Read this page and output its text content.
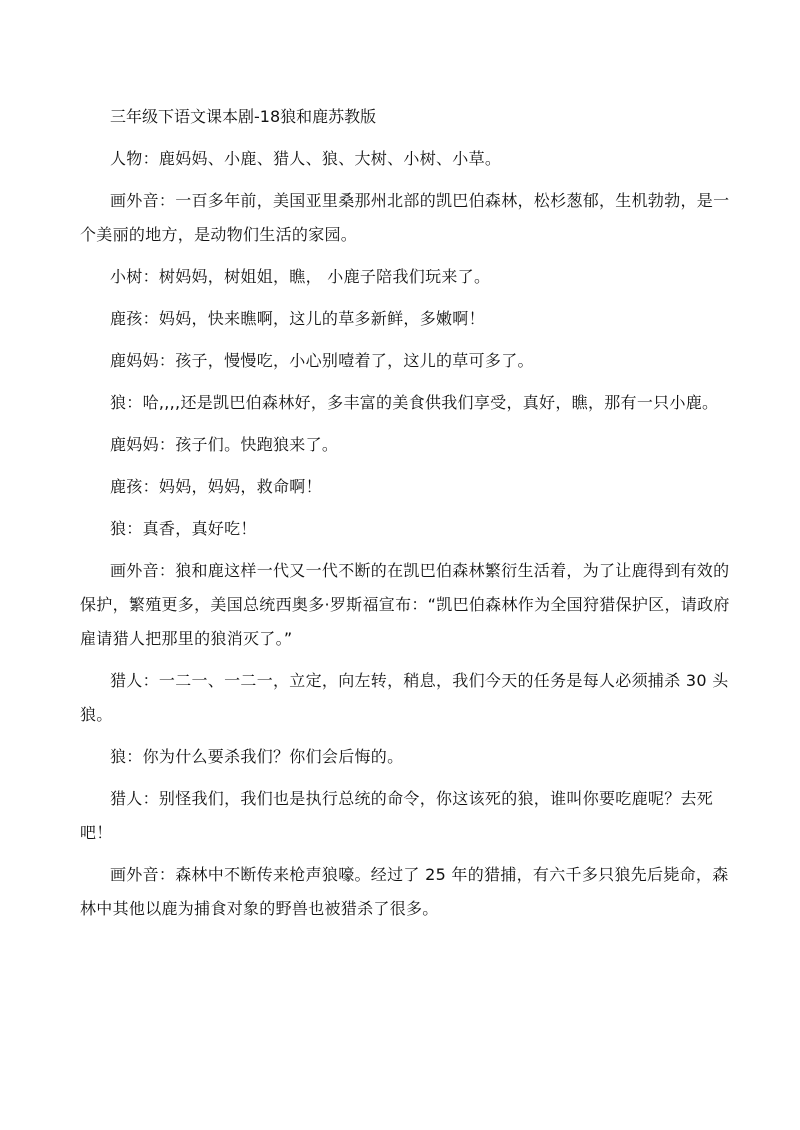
三年级下语文课本剧-18狼和鹿苏教版

人物：鹿妈妈、小鹿、猎人、狼、大树、小树、小草。

画外音：一百多年前，美国亚里桑那州北部的凯巴伯森林，松杉葱郁，生机勃勃，是一个美丽的地方，是动物们生活的家园。

小树：树妈妈，树姐姐，瞧， 小鹿子陪我们玩来了。

鹿孩：妈妈，快来瞧啊，这儿的草多新鲜，多嫩啊！

鹿妈妈：孩子，慢慢吃，小心别噎着了，这儿的草可多了。

狼：哈,,,,还是凯巴伯森林好，多丰富的美食供我们享受，真好，瞧，那有一只小鹿。

鹿妈妈：孩子们。快跑狼来了。

鹿孩：妈妈，妈妈，救命啊！

狼：真香，真好吃！

画外音：狼和鹿这样一代又一代不断的在凯巴伯森林繁衍生活着，为了让鹿得到有效的保护，繁殖更多，美国总统西奥多·罗斯福宣布：“凯巴伯森林作为全国狩猎保护区，请政府雇请猎人把那里的狼消灭了。”

猎人：一二一、一二一，立定，向左转，稍息，我们今天的任务是每人必须捕杀 30 头狼。

狼：你为什么要杀我们？你们会后悔的。

猎人：别怪我们，我们也是执行总统的命令，你这该死的狼，谁叫你要吃鹿呢？去死吧！

画外音：森林中不断传来枪声狼嚎。经过了 25 年的猎捕，有六千多只狼先后毙命，森林中其他以鹿为捕食对象的野兽也被猎杀了很多。
